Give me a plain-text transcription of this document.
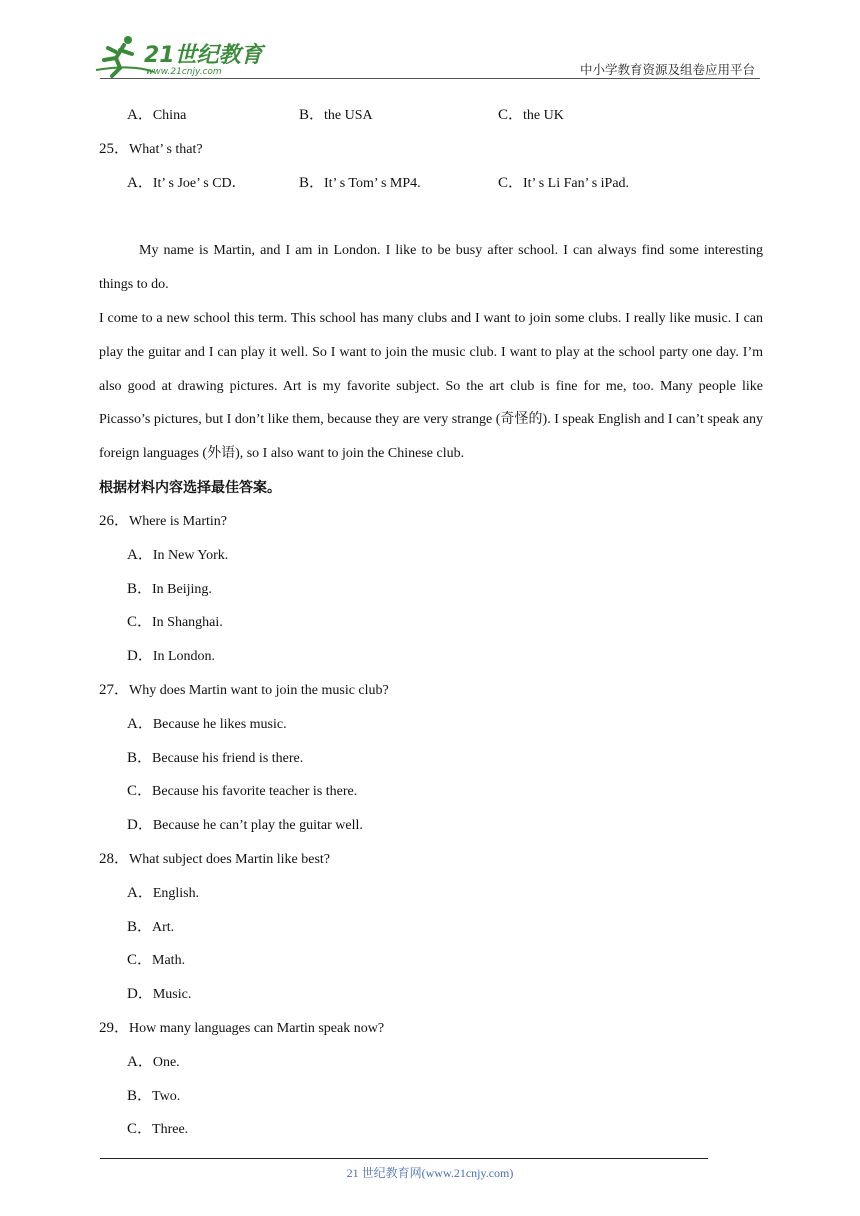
21世纪教育
www.21cnjy.com	中小学教育资源及组卷应用平台
A．China	B．the USA	C．the UK
25．What’ s that?
A．It’ s Joe’ s CD．	B．It’ s Tom’ s MP4.	C．It’ s Li Fan’ s iPad.
My name is Martin, and I am in London. I like to be busy after school. I can always find some interesting things to do.
I come to a new school this term. This school has many clubs and I want to join some clubs. I really like music. I can play the guitar and I can play it well. So I want to join the music club. I want to play at the school party one day. I’m also good at drawing pictures. Art is my favorite subject. So the art club is fine for me, too. Many people like Picasso’s pictures, but I don’t like them, because they are very strange (奇怪的). I speak English and I can’t speak any foreign languages (外语), so I also want to join the Chinese club.
根据材料内容选择最佳答案。
26．Where is Martin?
A．In New York.
B．In Beijing.
C．In Shanghai.
D．In London.
27．Why does Martin want to join the music club?
A．Because he likes music.
B．Because his friend is there.
C．Because his favorite teacher is there.
D．Because he can’t play the guitar well.
28．What subject does Martin like best?
A．English.
B．Art.
C．Math.
D．Music.
29．How many languages can Martin speak now?
A．One.
B．Two.
C．Three.
21 世纪教育网(www.21cnjy.com)
